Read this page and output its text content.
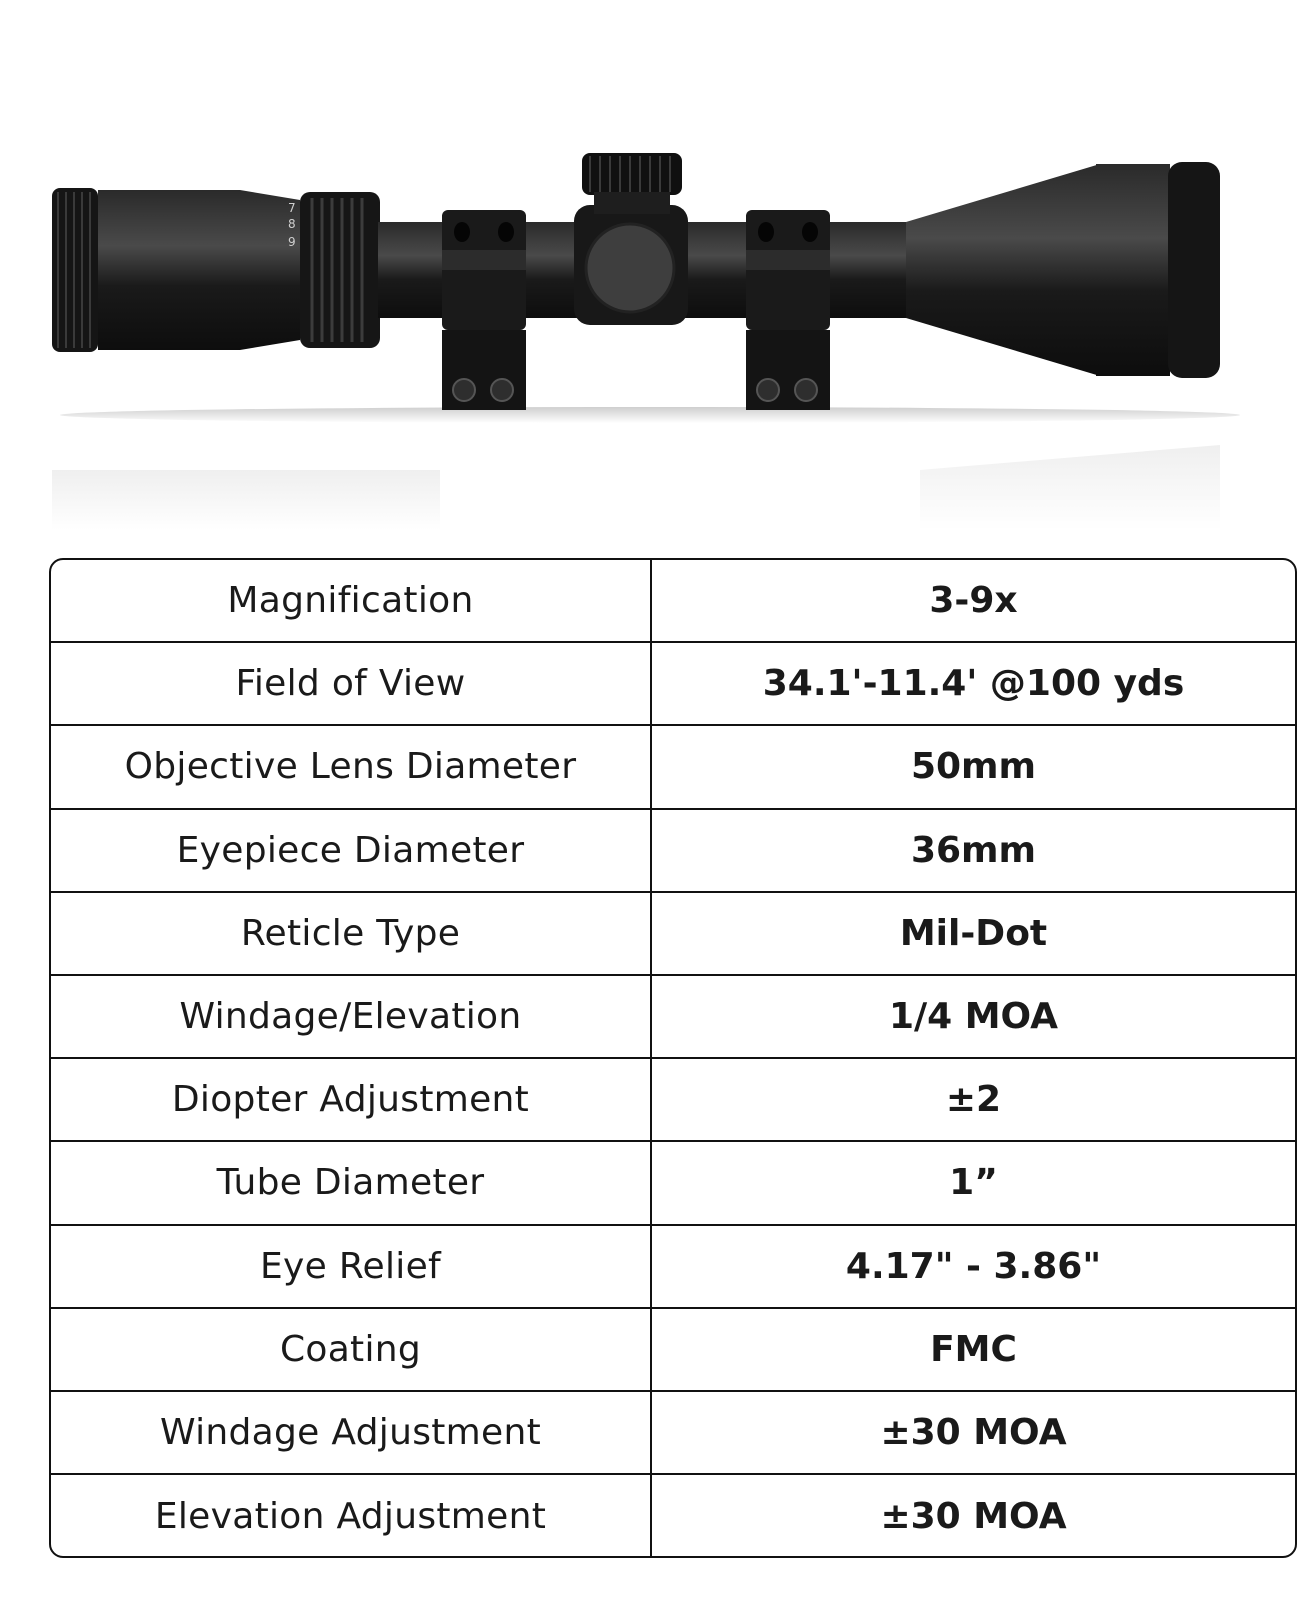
7
8
9
Magnification	3-9x
Field of View	34.1'-11.4' @100 yds
Objective Lens Diameter	50mm
Eyepiece Diameter	36mm
Reticle Type	Mil-Dot
Windage/Elevation	1/4 MOA
Diopter Adjustment	±2
Tube Diameter	1”
Eye Relief	4.17" - 3.86"
Coating	FMC
Windage Adjustment	±30 MOA
Elevation Adjustment	±30 MOA
